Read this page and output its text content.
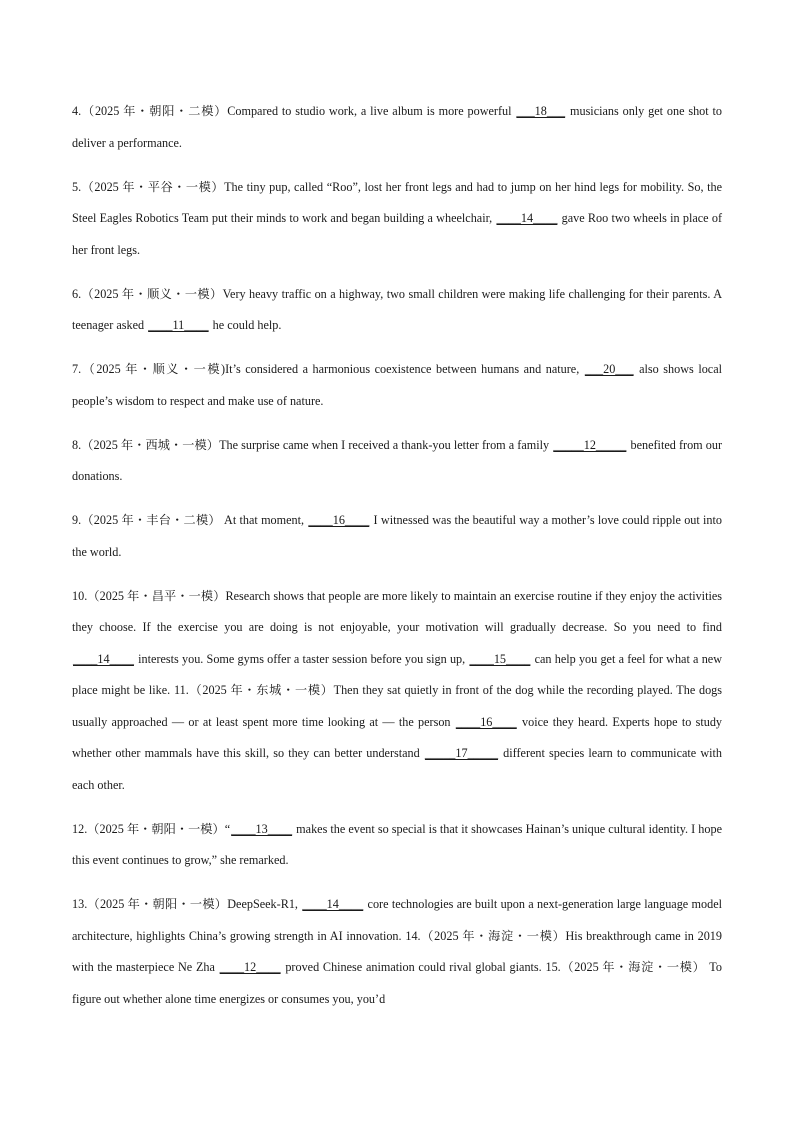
4.（2025 年・朝阳・二模）Compared to studio work, a live album is more powerful ___18___ musicians only get one shot to deliver a performance.

5.（2025 年・平谷・一模）The tiny pup, called “Roo”, lost her front legs and had to jump on her hind legs for mobility. So, the Steel Eagles Robotics Team put their minds to work and began building a wheelchair, ____14____ gave Roo two wheels in place of her front legs.

6.（2025 年・顺义・一模）Very heavy traffic on a highway, two small children were making life challenging for their parents. A teenager asked ____11____ he could help.

7.（2025 年・顺义・一模)It’s considered a harmonious coexistence between humans and nature, ___20___ also shows local people’s wisdom to respect and make use of nature.

8.（2025 年・西城・一模）The surprise came when I received a thank-you letter from a family _____12_____ benefited from our donations.

9.（2025 年・丰台・二模） At that moment, ____16____ I witnessed was the beautiful way a mother’s love could ripple out into the world.

10.（2025 年・昌平・一模）Research shows that people are more likely to maintain an exercise routine if they enjoy the activities they choose. If the exercise you are doing is not enjoyable, your motivation will gradually decrease. So you need to find ____14____ interests you. Some gyms offer a taster session before you sign up, ____15____ can help you get a feel for what a new place might be like. 11.（2025 年・东城・一模）Then they sat quietly in front of the dog while the recording played. The dogs usually approached — or at least spent more time looking at — the person ____16____ voice they heard. Experts hope to study whether other mammals have this skill, so they can better understand _____17_____ different species learn to communicate with each other.

12.（2025 年・朝阳・一模）“____13____ makes the event so special is that it showcases Hainan’s unique cultural identity. I hope this event continues to grow,” she remarked.

13.（2025 年・朝阳・一模）DeepSeek-R1, ____14____ core technologies are built upon a next-generation large language model architecture, highlights China’s growing strength in AI innovation. 14.（2025 年・海淀・一模）His breakthrough came in 2019 with the masterpiece Ne Zha ____12____ proved Chinese animation could rival global giants. 15.（2025 年・海淀・一模） To figure out whether alone time energizes or consumes you, you’d
